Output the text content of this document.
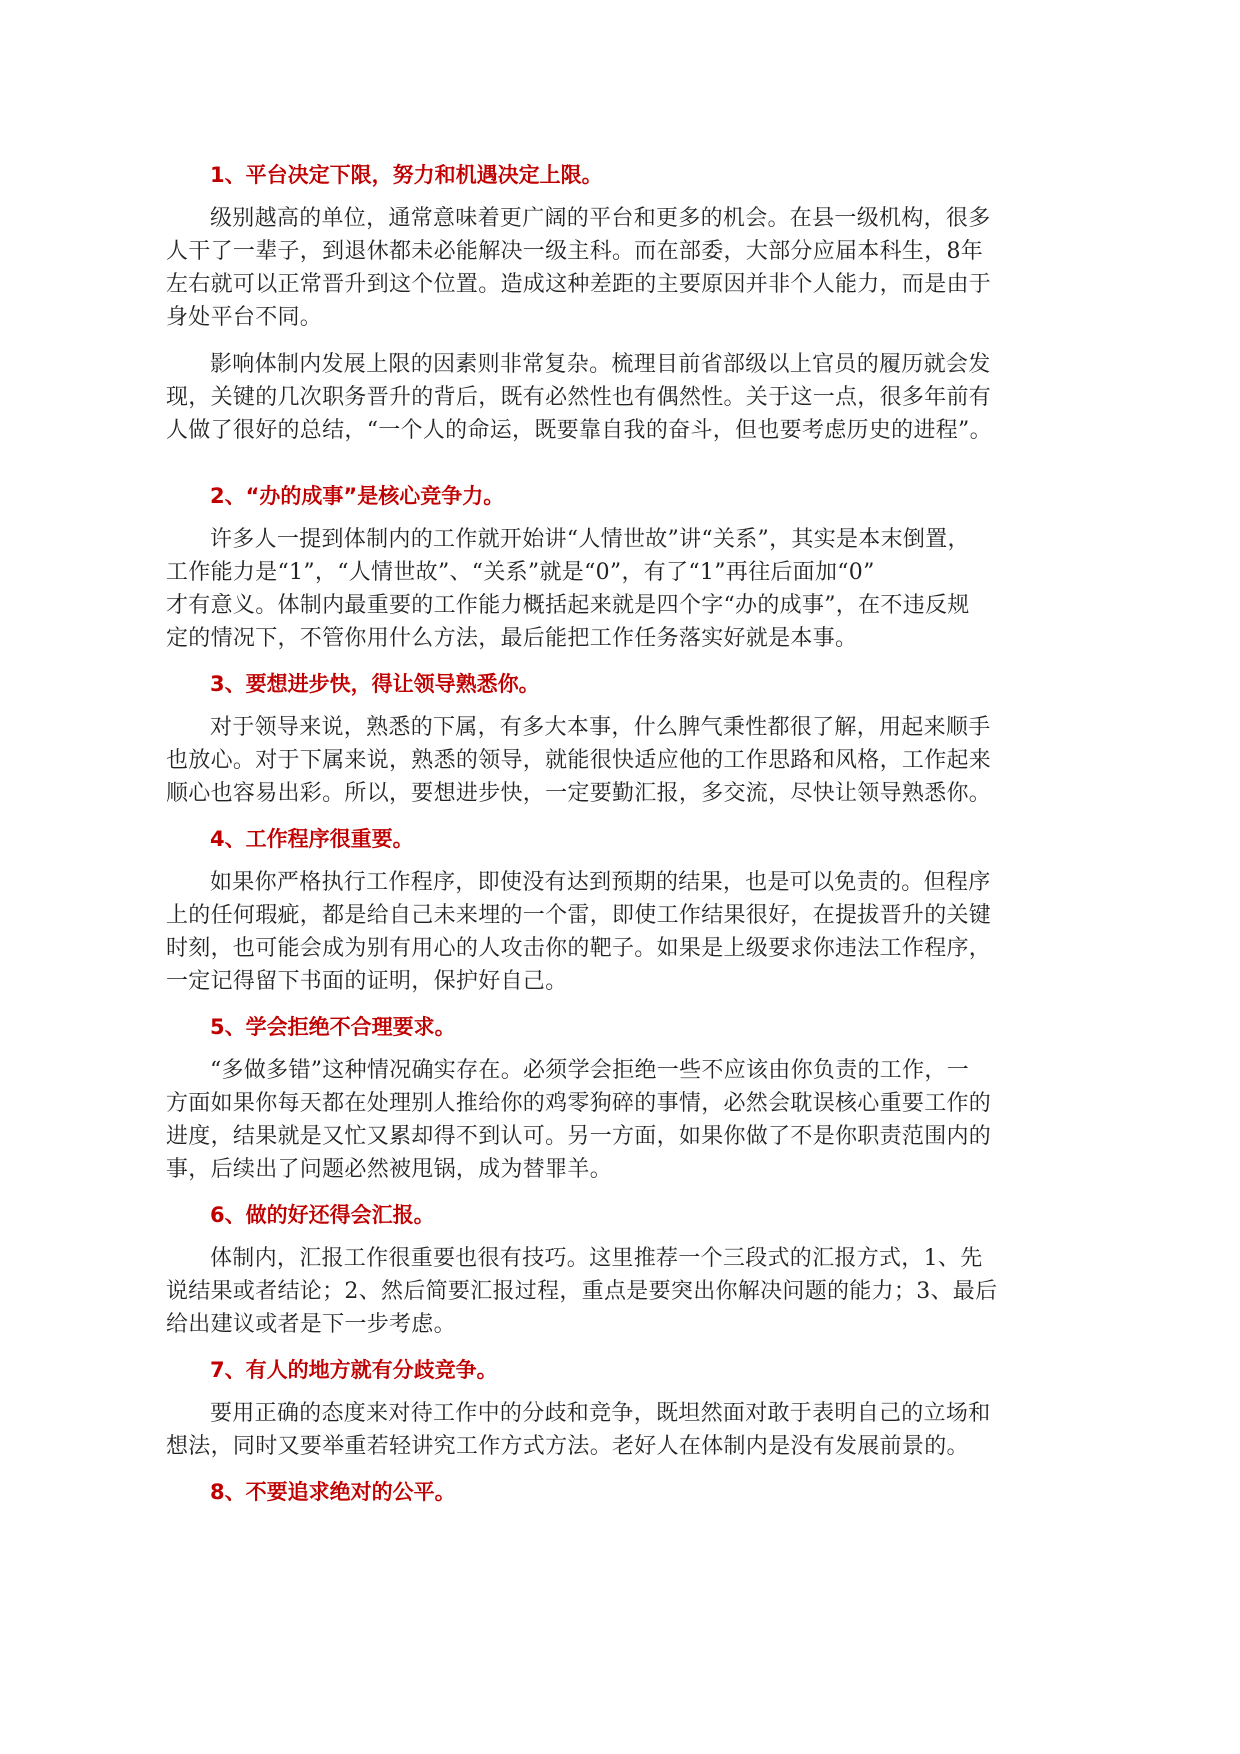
1、平台决定下限，努力和机遇决定上限。

级别越高的单位，通常意味着更广阔的平台和更多的机会。在县一级机构，很多
人干了一辈子，到退休都未必能解决一级主科。而在部委，大部分应届本科生，8年
左右就可以正常晋升到这个位置。造成这种差距的主要原因并非个人能力，而是由于
身处平台不同。

影响体制内发展上限的因素则非常复杂。梳理目前省部级以上官员的履历就会发
现，关键的几次职务晋升的背后，既有必然性也有偶然性。关于这一点，很多年前有
人做了很好的总结，“一个人的命运，既要靠自我的奋斗，但也要考虑历史的进程”。

2、“办的成事”是核心竞争力。

许多人一提到体制内的工作就开始讲“人情世故”讲“关系”，其实是本末倒置，
工作能力是“1”，“人情世故”、“关系”就是“0”，有了“1”再往后面加“0”
才有意义。体制内最重要的工作能力概括起来就是四个字“办的成事”，在不违反规
定的情况下，不管你用什么方法，最后能把工作任务落实好就是本事。

3、要想进步快，得让领导熟悉你。

对于领导来说，熟悉的下属，有多大本事，什么脾气秉性都很了解，用起来顺手
也放心。对于下属来说，熟悉的领导，就能很快适应他的工作思路和风格，工作起来
顺心也容易出彩。所以，要想进步快，一定要勤汇报，多交流，尽快让领导熟悉你。

4、工作程序很重要。

如果你严格执行工作程序，即使没有达到预期的结果，也是可以免责的。但程序
上的任何瑕疵，都是给自己未来埋的一个雷，即使工作结果很好，在提拔晋升的关键
时刻，也可能会成为别有用心的人攻击你的靶子。如果是上级要求你违法工作程序，
一定记得留下书面的证明，保护好自己。

5、学会拒绝不合理要求。

“多做多错”这种情况确实存在。必须学会拒绝一些不应该由你负责的工作，一
方面如果你每天都在处理别人推给你的鸡零狗碎的事情，必然会耽误核心重要工作的
进度，结果就是又忙又累却得不到认可。另一方面，如果你做了不是你职责范围内的
事，后续出了问题必然被甩锅，成为替罪羊。

6、做的好还得会汇报。

体制内，汇报工作很重要也很有技巧。这里推荐一个三段式的汇报方式，1、先
说结果或者结论；2、然后简要汇报过程，重点是要突出你解决问题的能力；3、最后
给出建议或者是下一步考虑。

7、有人的地方就有分歧竞争。

要用正确的态度来对待工作中的分歧和竞争，既坦然面对敢于表明自己的立场和
想法，同时又要举重若轻讲究工作方式方法。老好人在体制内是没有发展前景的。

8、不要追求绝对的公平。
